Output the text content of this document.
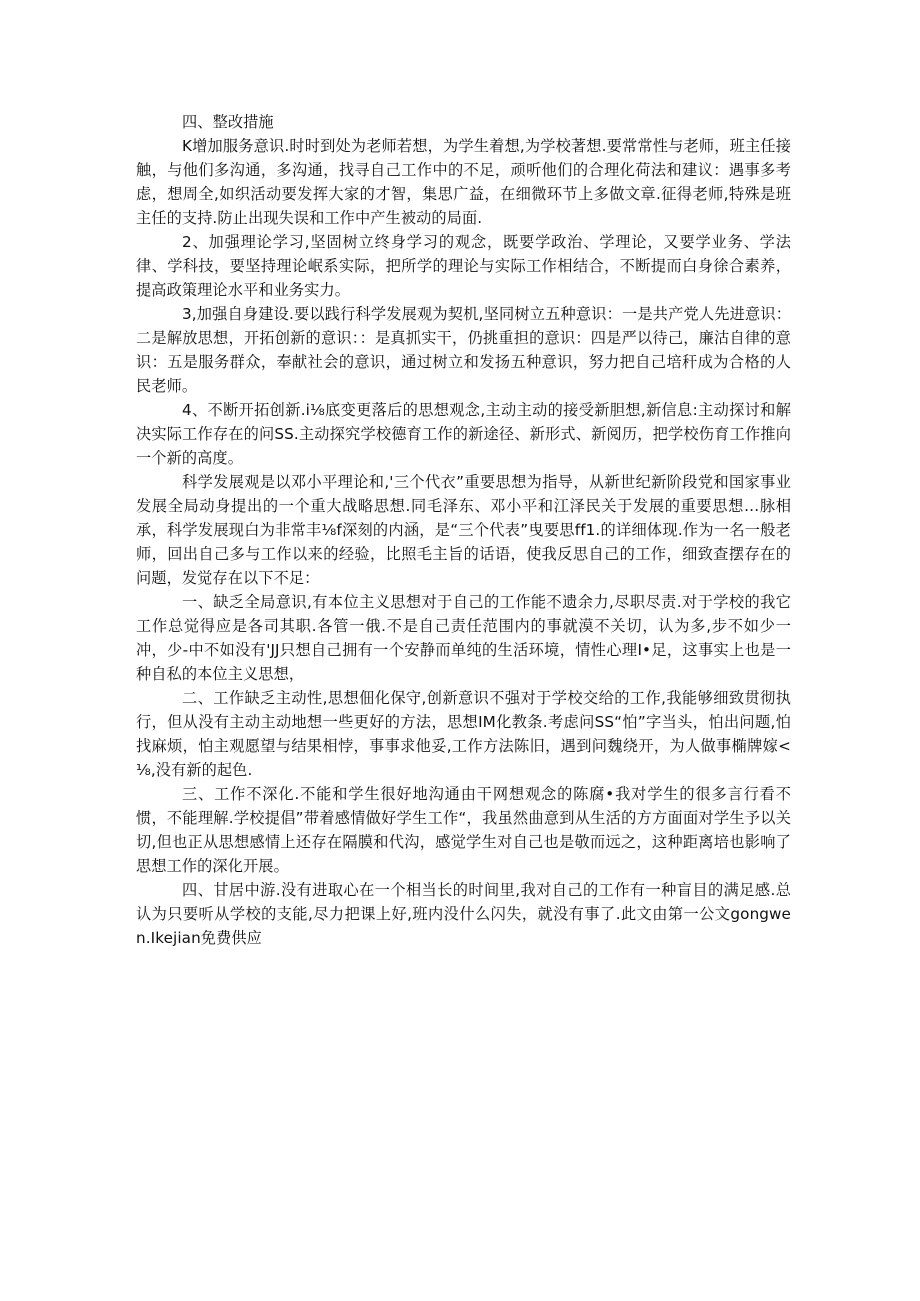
四、整改措施

K增加服务意识.时时到处为老师若想，为学生着想,为学校著想.要常常性与老师，班主任接触，与他们多沟通，多沟通，找寻自己工作中的不足，顽听他们的合理化荷法和建议：遇事多考虑，想周全,如织活动要发挥大家的才智，集思广益，在细微环节上多做文章.征得老师,特殊是班主任的支持.防止出现失误和工作中产生被动的局面.

2、加强理论学习,坚固树立终身学习的观念，既要学政治、学理论，又要学业务、学法律、学科技，要坚持理论岷系实际，把所学的理论与实际工作相结合，不断提而白身徐合素养，提高政策理论水平和业务实力。

3,加强自身建设.要以践行科学发展观为契机,坚同树立五种意识：一是共产党人先进意识：二是解放思想，开拓创新的意识：：是真抓实干，仍挑重担的意识：四是严以待己，廉沽自律的意识：五是服务群众，奉献社会的意识，通过树立和发扬五种意识，努力把自己培秆成为合格的人民老师。

4、不断开拓创新.i⅛底变更落后的思想观念,主动主动的接受新胆想,新信息:主动探讨和解决实际工作存在的问SS.主动探究学校德育工作的新途径、新形式、新阅历，把学校伤育工作推向一个新的高度。

科学发展观是以邓小平理论和,'三个代衣”重要思想为指导，从新世纪新阶段党和国家事业发展全局动身提出的一个重大战略思想.同毛泽东、邓小平和江泽民关于发展的重要思想…脉相承，科学发展现白为非常丰⅛f深刻的内涵，是“三个代表”曳要思ff1.的详细体现.作为一名一般老师，回出自己多与工作以来的经验，比照毛主旨的话语，使我反思自己的工作，细致查摆存在的问题，发觉存在以下不足：

一、缺乏全局意识,有本位主义思想对于自己的工作能不遗余力,尽职尽责.对于学校的我它工作总觉得应是各司其职.各管一俄.不是自己责任范围内的事就漠不关切，认为多,步不如少一冲，少-中不如没有'JJ只想自己拥有一个安静而单纯的生活环境，情性心理I•足，这事实上也是一种自私的本位主义思想，

二、工作缺乏主动性,思想佃化保守,创新意识不强对于学校交给的工作,我能够细致贯彻执行，但从没有主动主动地想一些更好的方法，思想IM化教条.考虑问SS“怕”字当头，怕出问题,怕找麻烦，怕主观愿望与结果相悖，事事求他妥,工作方法陈旧，遇到问魏绕开，为人做事椭牌嫁<⅛,没有新的起色.

三、工作不深化.不能和学生很好地沟通由干网想观念的陈腐•我对学生的很多言行看不惯，不能理解.学校提倡”带着感情做好学生工作“，我虽然曲意到从生活的方方面面对学生予以关切,但也正从思想感情上还存在隔膜和代沟，感觉学生对自己也是敬而远之，这种距离培也影响了思想工作的深化开展。

四、甘居中游.没有进取心在一个相当长的时间里,我对自己的工作有一种盲目的满足感.总认为只要听从学校的支能,尽力把课上好,班内没什么闪失，就没有事了.此文由第一公文gongwen.Ikejian免费供应
